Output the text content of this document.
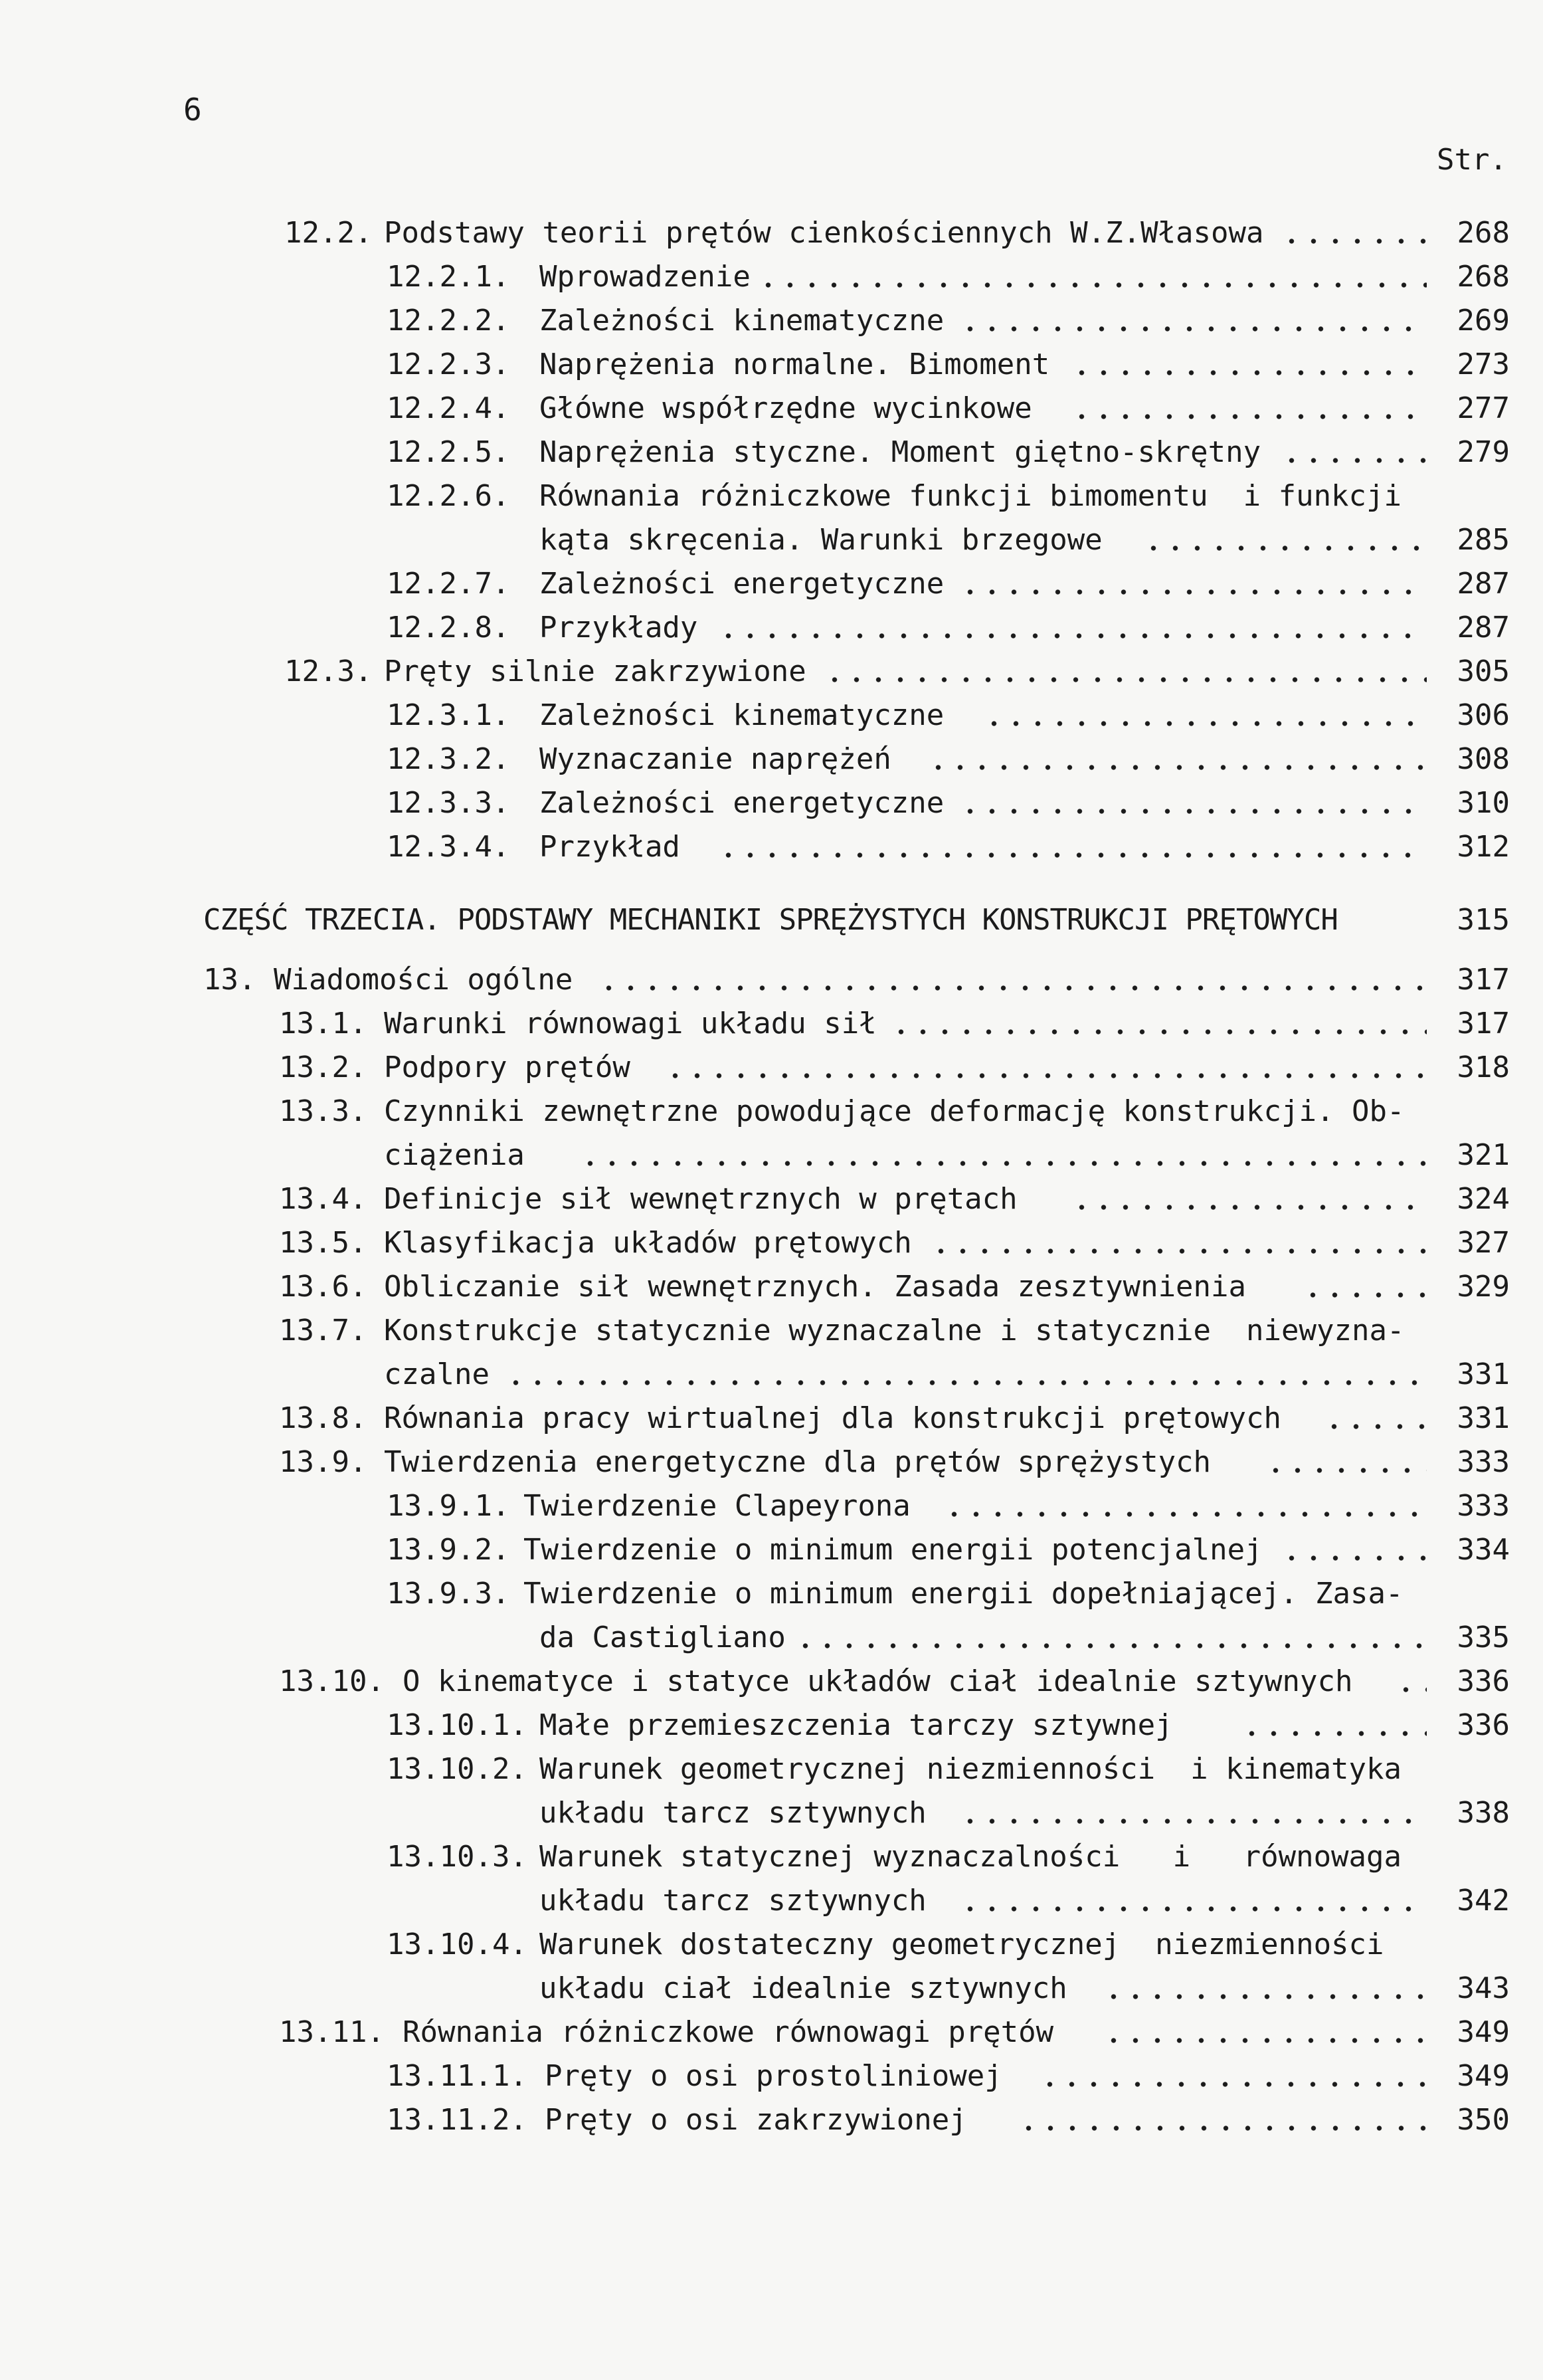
6
Str.
12.2. Podstawy teorii prętów cienkościennych W.Z.Własowa	268
12.2.1. Wprowadzenie	268
12.2.2. Zależności kinematyczne	269
12.2.3. Naprężenia normalne. Bimoment	273
12.2.4. Główne współrzędne wycinkowe	277
12.2.5. Naprężenia styczne. Moment giętno-skrętny	279
12.2.6. Równania różniczkowe funkcji bimomentu  i funkcji
kąta skręcenia. Warunki brzegowe	285
12.2.7. Zależności energetyczne	287
12.2.8. Przykłady	287
12.3. Pręty silnie zakrzywione	305
12.3.1. Zależności kinematyczne	306
12.3.2. Wyznaczanie naprężeń	308
12.3.3. Zależności energetyczne	310
12.3.4. Przykład	312
CZĘŚĆ TRZECIA. PODSTAWY MECHANIKI SPRĘŻYSTYCH KONSTRUKCJI PRĘTOWYCH	315
13. Wiadomości ogólne	317
13.1. Warunki równowagi układu sił	317
13.2. Podpory prętów	318
13.3. Czynniki zewnętrzne powodujące deformację konstrukcji. Ob-
ciążenia	321
13.4. Definicje sił wewnętrznych w prętach	324
13.5. Klasyfikacja układów prętowych	327
13.6. Obliczanie sił wewnętrznych. Zasada zesztywnienia	329
13.7. Konstrukcje statycznie wyznaczalne i statycznie  niewyzna-
czalne	331
13.8. Równania pracy wirtualnej dla konstrukcji prętowych	331
13.9. Twierdzenia energetyczne dla prętów sprężystych	333
13.9.1. Twierdzenie Clapeyrona	333
13.9.2. Twierdzenie o minimum energii potencjalnej	334
13.9.3. Twierdzenie o minimum energii dopełniającej. Zasa-
da Castigliano	335
13.10. O kinematyce i statyce układów ciał idealnie sztywnych	336
13.10.1. Małe przemieszczenia tarczy sztywnej	336
13.10.2. Warunek geometrycznej niezmienności  i kinematyka
układu tarcz sztywnych	338
13.10.3. Warunek statycznej wyznaczalności   i   równowaga
układu tarcz sztywnych	342
13.10.4. Warunek dostateczny geometrycznej  niezmienności
układu ciał idealnie sztywnych	343
13.11. Równania różniczkowe równowagi prętów	349
13.11.1. Pręty o osi prostoliniowej	349
13.11.2. Pręty o osi zakrzywionej	350
